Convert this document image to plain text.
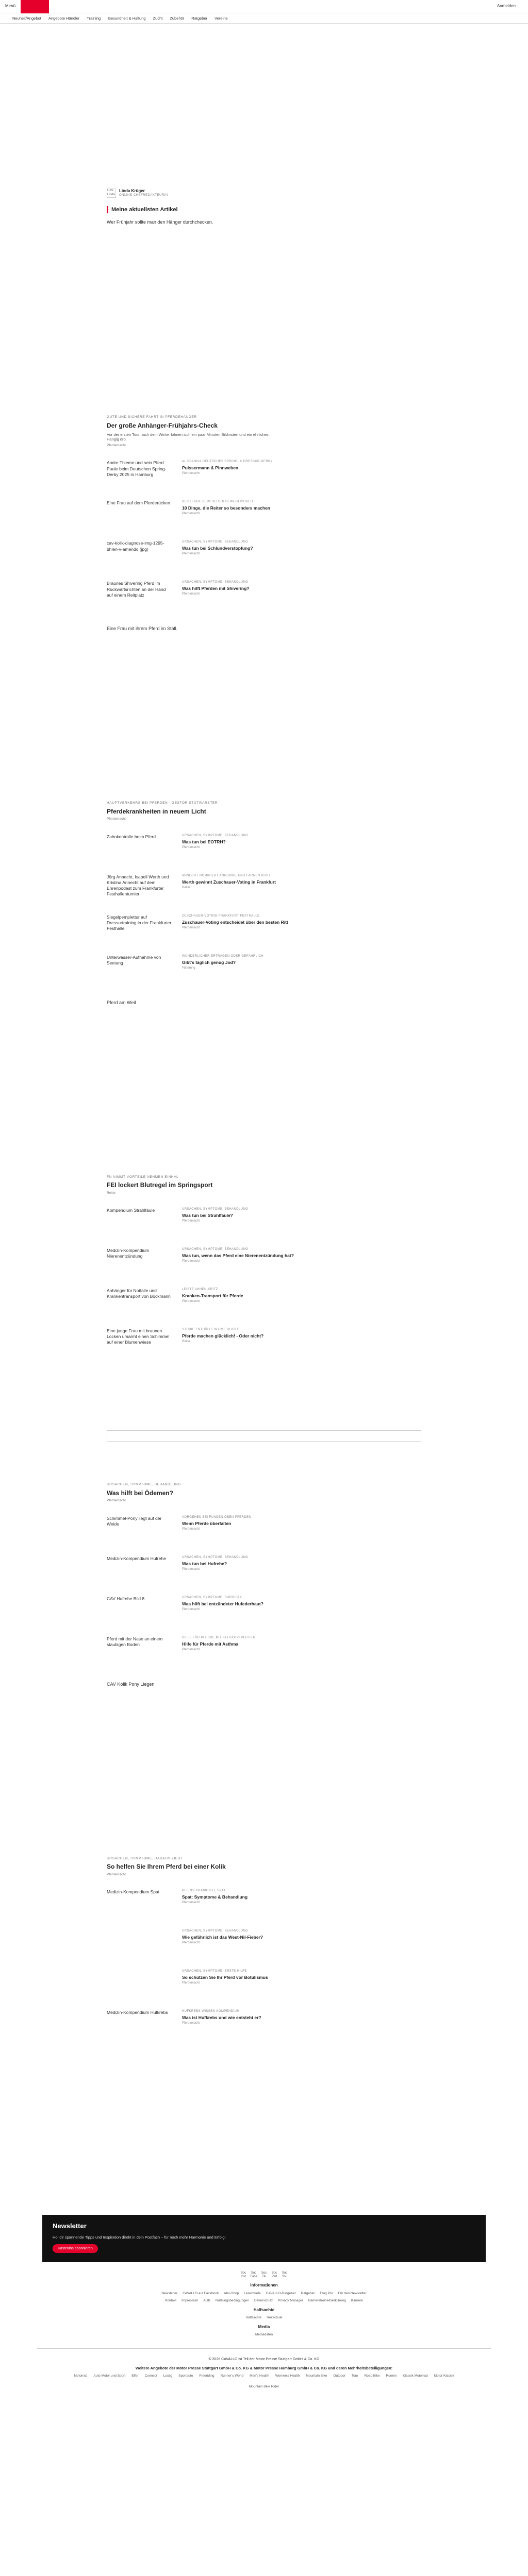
Menü	Anmelden
Neuheit/Angebot Angebote Händler Training Gesundheit & Haltung Zucht Zubehör Ratgeber Vereine
CAV Linda
Linda Krüger
ONLINE-CHEFREDAKTEURIN
Meine aktuellsten Artikel
Wer Frühjahr sollte man den Hänger durchchecken.
GUTE UND SICHERE FAHRT IN PFERDEHÄNGER
Der große Anhänger-Frühjahrs-Check
Vor der ersten Tour nach dem Winter lohnen sich ein paar Minuten Bildinsten und ein ehrliches Hängig dro.
Pferdemacht
Andre Thieme und sein Pferd Paule beim Deutschen Spring-Derby 2025 in Hamburg
AL SPANIVA DEUTSCHES SPRING- & DRESSUR-DERBY
Puissermann & Pinnweben
Pferdemacht
Eine Frau auf dem Pferderücken	REITLEHRE BEIM REITEN BEWEGLICHKEIT
10 Dinge, die Reiter so besonders machen
Pferdemacht
cav-kolik-diagnose-img-1295-bhlen-v-amendo (jpg)
URSACHEN, SYMPTOME, BEHANDLUNG
Was tun bei Schlundverstopfung?
Pferdemacht
Braunes Shivering Pferd im Rückwärtsrichten an der Hand auf einem Reitplatz
URSACHEN, SYMPTOME, BEHANDLUNG
Was hilft Pferden mit Shivering?
Pferdemacht
Eine Frau mit ihrem Pferd im Stall.
HAUPTVERKEHRS-BEI PFERDEN - GESTÖR STÜTWARSTER
Pferdekrankheiten in neuem Licht
Pferdemacht
Zahnkontrolle beim Pferd	URSACHEN, SYMPTOME, BEHANDLUNG
Was tun bei EOTRH?
Pferdemacht
Jörg Annecht, Isabell Werth und Kristina Annecht auf dem Ehrenpodest zum Frankfurter Festhallenturnier
ANNECHT NOMINIERT ANNSPINE UND FARNEN RUST
Werth gewinnt Zuschauer-Voting in Frankfurt
Reiter
Siegelpemplettur auf Dressurtraining in der Frankfurter Festhalle
ZUSCHAUER-VOTING FRANKFURT FESTHALLE
Zuschauer-Voting entscheidet über den besten Ritt
Pferdemacht
Unterwasser-Aufnahme von Seetang
WUNDERLICHER ERTRAGEN ODER GEFÄHRLICH
Gibt's täglich genug Jod?
Fütterung
Pferd am Weil
FN NIMMT VORTEILE NEHMEN EINHAL
FEI lockert Blutregel im Springsport
Reiter
Kompendium Strahlfäule	URSACHEN, SYMPTOME, BEHANDLUNG
Was tun bei Strahlfäule?
Pferdemacht
Medizin-Kompendium Nierenentzündung
URSACHEN, SYMPTOME, BEHANDLUNG
Was tun, wenn das Pferd eine Nierenentzündung hat?
Pferdemacht
Anhänger für Notfälle und Krankentransport von Böckmann
LEISTE AHNEN-KRITZ
Kranken-Transport für Pferde
Pferdemacht
Eine junge Frau mit braunen Locken umarmt einen Schimmel auf einer Blumenwiese
STUDIE ENTHÜLLT INTIME BLICKE
Pferde machen glücklich! - Oder nicht?
Reiter
URSACHEN, SYMPTOME, BEHANDLUNG
Was hilft bei Ödemen?
Pferdemacht
Schimmel-Pony liegt auf der Weide
VORGEHEN BEI FUNDEN OBEN PFERDEN
Wenn Pferde überfalten
Pferdemacht
Medizin-Kompendium Hufrehe	URSACHEN, SYMPTOME, BEHANDLUNG
Was tun bei Hufrehe?
Pferdemacht
CAV Hufrehe Bild 8	URSACHEN, SYMPTOME, SURGIFAX
Was hilft bei entzündeter Hufederhaut?
Pferdemacht
Pferd mit der Nase an einem staubigen Boden
HILFE FÜR PFERDE MIT KEHLKOPFPFEIFEN
Hilfe für Pferde mit Asthma
Pferdemacht
CAV Kolik Pony Liegen
URSACHEN, SYMPTOME, DARAUS ZIEHT
So helfen Sie Ihrem Pferd bei einer Kolik
Pferdemacht
Medizin-Kompendium Spat	PFERDEKRANKHEIT, SPAT
Spat: Symptome & Behandlung
Pferdemacht
URSACHEN, SYMPTOME, BEHANDLUNG
Wie gefährlich ist das West-Nil-Fieber?
Pferdemacht
URSACHEN, SYMPTOME, ERSTE HILFE
So schützen Sie Ihr Pferd vor Botulismus
Pferdemacht
Medizin-Kompendium Hufkrebs	HUFKREBS-WISSEN KOMPENDIUM
Was ist Hufkrebs und wie entsteht er?
Pferdemacht
Newsletter

Hol dir spannende Tipps und Inspiration direkt in dein Postfach – für noch mehr Harmonie und Erfolg!

Kostenlos abonnieren
Soc Inst
Soc Face
Soc Tik
Soc Pint
Soc You
Informationen
Newsletter CAVALLO auf Facebook Abo-Shop Leserbriefe CAVALLO-Ratgeber Ratgeber Frag Pro Für den Newsletter
Kontakt Impressum AGB Nutzungsbedingungen Datenschutz Privacy Manager Barrierefreiheitserklärung Karriere
Halfsachte
Halfsachte Reitschule
Media
Mediadaten
© 2026 CAVALLO ist Teil der Motor Presse Stuttgart GmbH & Co. KG
Weitere Angebote der Motor Presse Stuttgart GmbH & Co. KG & Motor Presse Hamburg GmbH & Co. KG und deren Mehrheitsbeteiligungen:
Motorrad Auto Motor und Sport Elfer Connect Lustig Sportauto Freeriding Runner's World Men's Health Women's Health Mountain Bike Outdoor Tour Road Bike Runnin Klassik Motorrad Motor Klassik
Mountain Bike Rider
